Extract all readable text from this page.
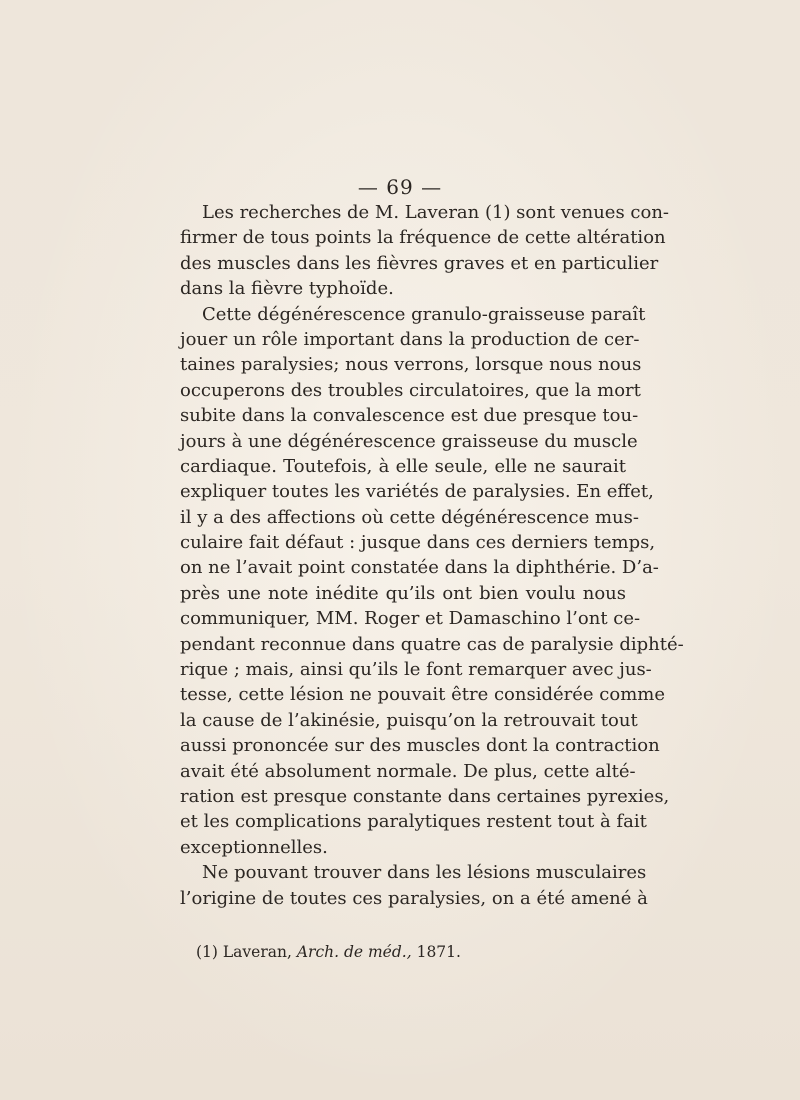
— 69 —
Les recherches de M. Laveran (1) sont venues con-
firmer de tous points la fréquence de cette altération
des muscles dans les fièvres graves et en particulier
dans la fièvre typhoïde.
Cette dégénérescence granulo-graisseuse paraît
jouer un rôle important dans la production de cer-
taines paralysies; nous verrons, lorsque nous nous
occuperons des troubles circulatoires, que la mort
subite dans la convalescence est due presque tou-
jours à une dégénérescence graisseuse du muscle
cardiaque. Toutefois, à elle seule, elle ne saurait
expliquer toutes les variétés de paralysies. En effet,
il y a des affections où cette dégénérescence mus-
culaire fait défaut : jusque dans ces derniers temps,
on ne l’avait point constatée dans la diphthérie. D’a-
près une note inédite qu’ils ont bien voulu nous
communiquer, MM. Roger et Damaschino l’ont ce-
pendant reconnue dans quatre cas de paralysie diphté-
rique ; mais, ainsi qu’ils le font remarquer avec jus-
tesse, cette lésion ne pouvait être considérée comme
la cause de l’akinésie, puisqu’on la retrouvait tout
aussi prononcée sur des muscles dont la contraction
avait été absolument normale. De plus, cette alté-
ration est presque constante dans certaines pyrexies,
et les complications paralytiques restent tout à fait
exceptionnelles.
Ne pouvant trouver dans les lésions musculaires
l’origine de toutes ces paralysies, on a été amené à
(1) Laveran, Arch. de méd., 1871.
